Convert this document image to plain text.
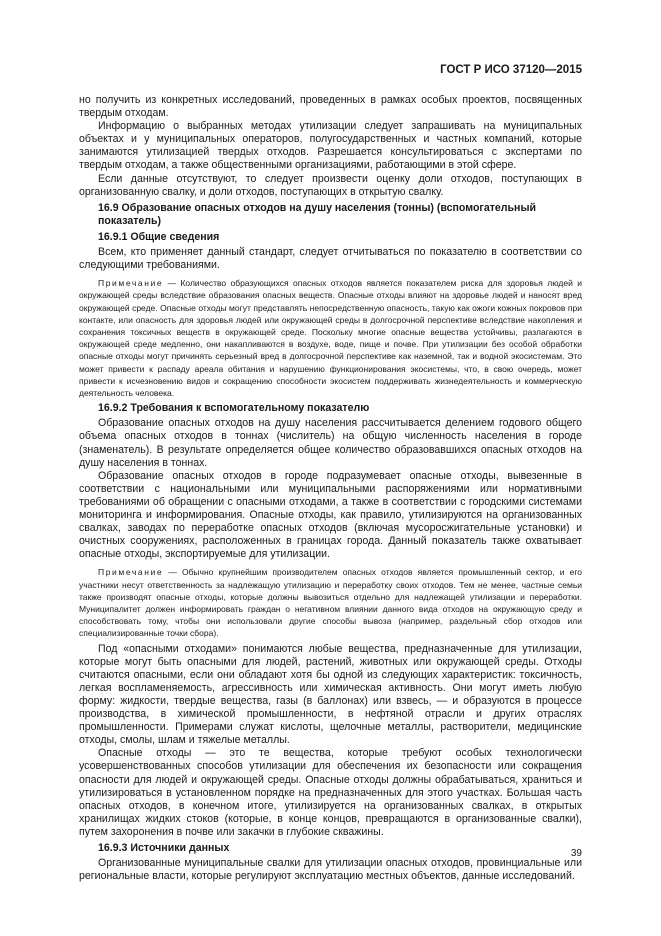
ГОСТ Р ИСО 37120—2015

но получить из конкретных исследований, проведенных в рамках особых проектов, посвященных твердым отходам.

Информацию о выбранных методах утилизации следует запрашивать на муниципальных объектах и у муниципальных операторов, полугосударственных и частных компаний, которые занимаются утилизацией твердых отходов. Разрешается консультироваться с экспертами по твердым отходам, а также общественными организациями, работающими в этой сфере.

Если данные отсутствуют, то следует произвести оценку доли отходов, поступающих в организованную свалку, и доли отходов, поступающих в открытую свалку.

16.9 Образование опасных отходов на душу населения (тонны) (вспомогательный показатель)
16.9.1 Общие сведения

Всем, кто применяет данный стандарт, следует отчитываться по показателю в соответствии со следующими требованиями.

Примечание — Количество образующихся опасных отходов является показателем риска для здоровья людей и окружающей среды вследствие образования опасных веществ. Опасные отходы влияют на здоровье людей и наносят вред окружающей среде. Опасные отходы могут представлять непосредственную опасность, такую как ожоги кожных покровов при контакте, или опасность для здоровья людей или окружающей среды в долгосрочной перспективе вследствие накопления и сохранения токсичных веществ в окружающей среде. Поскольку многие опасные вещества устойчивы, разлагаются в окружающей среде медленно, они накапливаются в воздухе, воде, пище и почве. При утилизации без особой обработки опасные отходы могут причинять серьезный вред в долгосрочной перспективе как наземной, так и водной экосистемам. Это может привести к распаду ареала обитания и нарушению функционирования экосистемы, что, в свою очередь, может привести к исчезновению видов и сокращению способности экосистем поддерживать жизнедеятельность и коммерческую деятельность человека.

16.9.2 Требования к вспомогательному показателю

Образование опасных отходов на душу населения рассчитывается делением годового общего объема опасных отходов в тоннах (числитель) на общую численность населения в городе (знаменатель). В результате определяется общее количество образовавшихся опасных отходов на душу населения в тоннах.

Образование опасных отходов в городе подразумевает опасные отходы, вывезенные в соответствии с национальными или муниципальными распоряжениями или нормативными требованиями об обращении с опасными отходами, а также в соответствии с городскими системами мониторинга и информирования. Опасные отходы, как правило, утилизируются на организованных свалках, заводах по переработке опасных отходов (включая мусоросжигательные установки) и очистных сооружениях, расположенных в границах города. Данный показатель также охватывает опасные отходы, экспортируемые для утилизации.

Примечание — Обычно крупнейшим производителем опасных отходов является промышленный сектор, и его участники несут ответственность за надлежащую утилизацию и переработку своих отходов. Тем не менее, частные семьи также производят опасные отходы, которые должны вывозиться отдельно для надлежащей утилизации и переработки. Муниципалитет должен информировать граждан о негативном влиянии данного вида отходов на окружающую среду и способствовать тому, чтобы они использовали другие способы вывоза (например, раздельный сбор отходов или специализированные точки сбора).

Под «опасными отходами» понимаются любые вещества, предназначенные для утилизации, которые могут быть опасными для людей, растений, животных или окружающей среды. Отходы считаются опасными, если они обладают хотя бы одной из следующих характеристик: токсичность, легкая воспламеняемость, агрессивность или химическая активность. Они могут иметь любую форму: жидкости, твердые вещества, газы (в баллонах) или взвесь, — и образуются в процессе производства, в химической промышленности, в нефтяной отрасли и других отраслях промышленности. Примерами служат кислоты, щелочные металлы, растворители, медицинские отходы, смолы, шлам и тяжелые металлы.

Опасные отходы — это те вещества, которые требуют особых технологически усовершенствованных способов утилизации для обеспечения их безопасности или сокращения опасности для людей и окружающей среды. Опасные отходы должны обрабатываться, храниться и утилизироваться в установленном порядке на предназначенных для этого участках. Большая часть опасных отходов, в конечном итоге, утилизируется на организованных свалках, в открытых хранилищах жидких стоков (которые, в конце концов, превращаются в организованные свалки), путем захоронения в почве или закачки в глубокие скважины.

16.9.3 Источники данных

Организованные муниципальные свалки для утилизации опасных отходов, провинциальные или региональные власти, которые регулируют эксплуатацию местных объектов, данные исследований.

39
